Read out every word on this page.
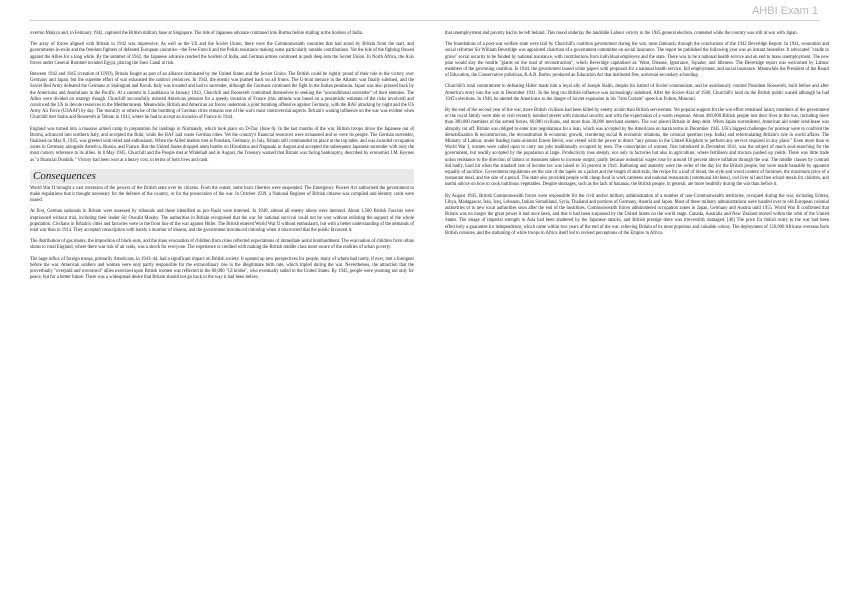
AHBI Exam 1

overrun Malaya and, in February 1942, captured the British military base at Singapore. The tide of Japanese advance continued into Burma before stalling at the borders of India.

The array of forces aligned with Britain in 1942 was impressive. As well as the US and the Soviet Union, there were the Commonwealth countries that had stood by Britain from the start, and governments-in-exile and the freedom fighters of defeated European countries—the Free French and the Polish resistance making some particularly notable contributions. Yet the tide of the fighting flowed against the Allies for a long while. By the summer of 1942, the Japanese advance reached the borders of India, and German armies continued to push deep into the Soviet Union. In North Africa, the Axis forces under General Rommel invaded Egypt, placing the Suez Canal at risk.

Between 1942 and 1945 (creation of UNO), Britain fought as part of an alliance dominated by the United States and the Soviet Union. The British could be rightly proud of their role in the victory over Germany and Japan, but the supreme effort of war exhausted the nation's resources. In 1943, the enemy was pushed back on all fronts. The U-boat menace in the Atlantic was finally subdued, and the Soviet Red Army defeated the Germans at Stalingrad and Kursk. Italy was invaded and had to surrender, although the Germans continued the fight in the Italian peninsula. Japan was also pressed back by the Americans and Australians in the Pacific. At a summit in Casablanca in January 1943, Churchill and Roosevelt committed themselves to seeking the "unconditional surrender" of their enemies. The Allies were divided on strategy though. Churchill successfully resisted American pressure for a speedy invasion of France (this attitude was based on a pessimistic estimate of the risks involved) and convinced the US to devote resources to the Mediterranean. Meanwhile, British and American air forces undertook a joint bombing offensive against Germany, with the RAF attacking by night and the US Army Air Force (USAAF) by day. The morality or otherwise of the bombing of German cities remains one of the war's most controversial aspects. Britain's waning influence on the war was evident when Churchill met Stalin and Roosevelt at Tehran in 1943, where he had to accept an invasion of France in 1944.

England was turned into a massive armed camp in preparation for landings in Normandy, which took place on D-Day (June 6). In the last months of the war, British troops drove the Japanese out of Burma, advanced into northern Italy, and accepted the Ruhr, while the RAF laid waste German cities. Yet the country's financial resources were exhausted and so were its people. The German surrender, finalised on May 8, 1945, was greeted with relief and enthusiasm. When the Allied leaders met at Potsdam, Germany, in July, Britain still commanded its place at the top table, and was awarded occupation zones in Germany alongside America, Russia, and France. But the United States dropped atom bombs on Hiroshima and Nagasaki in August and accepted the subsequent Japanese surrender with only the most cursory reference to its allies. In 8 May 1945, Churchill and the People met at Whitehall and in August, the Treasury warned that Britain was facing bankruptcy, described by economist J.M. Keynes as "a financial Dunkirk." Victory had been won at a heavy cost, in terms of both lives and cash.

Consequences

World War II brought a vast extension of the powers of the British state over its citizens. From the outset, some basic liberties were suspended. The Emergency Powers Act authorised the government to make regulations that it thought necessary for the defence of the country, or for the prosecution of the war. In October 1939, a National Register of British citizens was compiled and identity cards were issued.

At first, German nationals in Britain were assessed by tribunals and those identified as pro-Nazis were interned. In 1940, almost all enemy aliens were interned. About 1,500 British Fascists were imprisoned without trial, including their leader Sir Oswald Mosley. The authorities in Britain recognised that the war for national survival could not be won without enlisting the support of the whole population. Civilians in Britain's cities and factories were in the front line of the war against Hitler. The British entered World War II without enthusiasm, but with a better understanding of the demands of total war than in 1914. They accepted conscription with barely a murmur of dissent, and the government introduced rationing when it discovered that the public favoured it.

The distribution of gas masks, the imposition of black-outs, and the mass evacuation of children from cities reflected expectations of immediate aerial bombardment. The evacuation of children from urban slums to rural England, where there was risk of air raids, was a shock for everyone. The experience is credited with making the British middle class more aware of the realities of urban poverty.

The huge influx of foreign troops, primarily Americans, in 1943–44, had a significant impact on British society. It opened up new perspectives for people, many of whom had rarely, if ever, met a foreigner before the war. American soldiers and women were only partly responsible for the extraordinary rise in the illegitimate birth rate, which tripled during the war. Nevertheless, the attraction that the proverbially "overpaid and oversexed" allies exercised upon British women was reflected in the 80,000 "GI brides", who eventually sailed to the United States. By 1945, people were yearning not only for peace, but for a better future. There was a widespread desire that Britain should not go back to the way it had been before,

that unemployment and poverty had to be left behind. This mood underlay the landslide Labour victory in the 1945 general election, contested while the country was still at war with Japan.

The foundations of a post-war welfare state were laid by Churchill's coalition government during the war, most famously through the conclusions of the 1942 Beveridge Report. In 1941, economist and social reformer Sir William Beveridge was appointed chairman of a government committee on social insurance. The report he published the following year was an instant bestseller. It advocated "cradle to grave" social security to be funded by national insurance, with contributions from individual employers and the state. There was to be a national health service and an end to mass unemployment. The new plan would slay the hostile "giants on the road of reconstruction", which Beveridge capitalised as: Want, Disease, Ignorance, Squalor, and Idleness. The Beveridge report was welcomed by Labour members of the governing coalition. In 1944, the government issued white papers with proposals for a national health service, full employment, and social insurance. Meanwhile the President of the Board of Education, the Conservative politician, R.A.B. Butler, produced an Education Act that instituted free, universal secondary schooling.

Churchill's total commitment to defeating Hitler made him a loyal ally of Joseph Stalin, despite his hatred of Soviet communism, and he assiduously courted President Roosevelt, built before and after America's entry into the war in December 1941. In the long run British influence was increasingly sidelined. After the Soviet-Axis of 1940, Churchill's hold on the British public waned although he had 1945's elections. In 1946, he alerted the Americans to the danger of Soviet expansion in his "Iron Curtain" speech at Fulton, Missouri.

By the end of the second year of the war, more British civilians had been killed by enemy action than British servicemen. Yet popular support for the war effort remained intact, members of the government or the royal family were able to visit recently bombed streets with minimal security and with the expectation of a warm response. About 400,000 British people lost their lives in the war, including more than 300,000 members of the armed forces, 60,000 civilians, and more than 30,000 merchant seamen. The war placed Britain in deep debt. When Japan surrendered, American aid under lend-lease was abruptly cut off. Britain was obliged to enter into negotiations for a loan, which was accepted by the Americans on harsh terms in December 1945. UK's biggest challenges for postwar were to confront the demobilisation & reconstruction, the reconstitution & economic growth, reordering social & economic relations, the colonial question (esp. India) and reformulating Britain's role in world affairs. The Ministry of Labour, under leading trade unionist Ernest Bevin, was vested with the power to direct "any person in the United Kingdom to perform any service required in any place." Even more than in World War I, women were called upon to carry out jobs traditionally occupied by men. The conscription of women, first introduced in December 1941, was the subject of much soul-searching for the government, but readily accepted by the population at large. Productivity rose steeply, not only in factories but also in agriculture, where fertilisers and tractors pushed up yields. There was little trade union resistance to the direction of labour or measures taken to increase output, partly because industrial wages rose by around 10 percent above inflation through the war. The middle classes by contrast did badly, hard hit when the standard rate of income tax was raised to 50 percent in 1941. Rationing and austerity were the order of the day for the British people, but were made bearable by apparent equality of sacrifice. Government regulations set the size of the lapels on a jacket and the length of shirt-tails, the recipe for a loaf of bread, the style and wood content of furniture, the maximum price of a restaurant meal, and the size of a pencil. The state also provided people with cheap food in work canteens and national restaurants (communal kitchens), cod liver oil and free school meals for children, and useful advice on how to cook nutritious vegetables. Despite shortages, such as the lack of bananas, the British people, in general, ate more healthily during the war than before it.

By August 1945, British Commonwealth forces were responsible for the civil and/or military administration of a number of non-Commonwealth territories, occupied during the war, including Eritrea, Libya, Madagascar, Iran, Iraq, Lebanon, Italian Somaliland, Syria, Thailand and portions of Germany, Austria and Japan. Most of these military administrations were handed over to old European colonial authorities or to new local authorities soon after the end of the hostilities. Commonwealth forces administered occupation zones in Japan, Germany and Austria until 1955. World War II confirmed that Britain was no longer the great power it had once been, and that it had been surpassed by the United States on the world stage. Canada, Australia and New Zealand moved within the orbit of the United States. The image of imperial strength in Asia had been shattered by the Japanese attacks, and British prestige there was irreversibly damaged. [46] The price for India's entry to the war had been effectively a guarantee for independence, which came within two years of the end of the war, relieving Britain of its most populous and valuable colony. The deployment of 150,000 Africans overseas from British colonies, and the stationing of white troops in Africa itself led to revised perceptions of the Empire in Africa.
